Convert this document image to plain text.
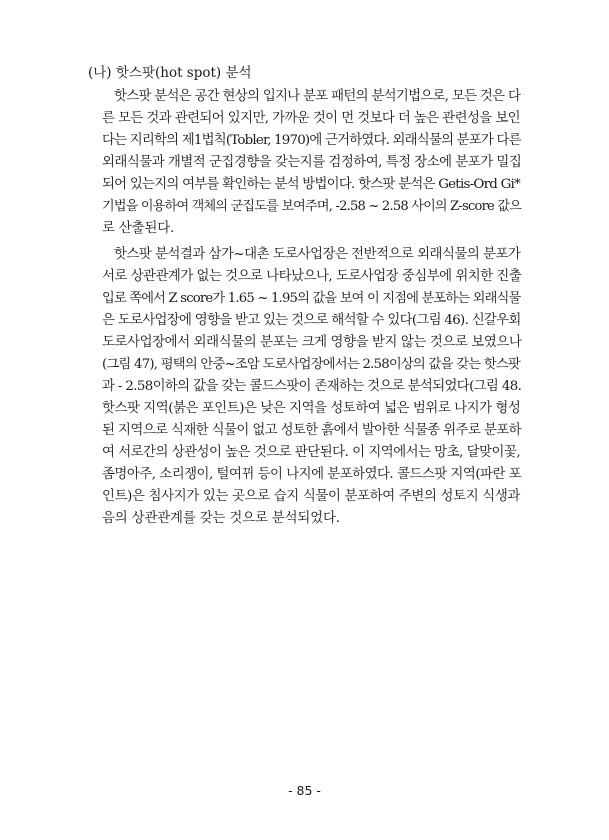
(나) 핫스팟(hot spot) 분석
핫스팟 분석은 공간 현상의 입지나 분포 패턴의 분석기법으로, 모든 것은 다
른 모든 것과 관련되어 있지만, 가까운 것이 먼 것보다 더 높은 관련성을 보인
다는 지리학의 제1법칙(Tobler, 1970)에 근거하였다. 외래식물의 분포가 다른
외래식물과 개별적 군집경향을 갖는지를 검정하여, 특정 장소에 분포가 밀집
되어 있는지의 여부를 확인하는 분석 방법이다. 핫스팟 분석은 Getis-Ord Gi*
기법을 이용하여 객체의 군집도를 보여주며, -2.58 ~ 2.58 사이의 Z-score 값으
로 산출된다.
핫스팟 분석결과 삼가~대촌 도로사업장은 전반적으로 외래식물의 분포가
서로 상관관계가 없는 것으로 나타났으나, 도로사업장 중심부에 위치한 진출
입로 쪽에서 Z score가 1.65 ~ 1.95의 값을 보여 이 지점에 분포하는 외래식물
은 도로사업장에 영향을 받고 있는 것으로 해석할 수 있다(그림 46). 신갈우회
도로사업장에서 외래식물의 분포는 크게 영향을 받지 않는 것으로 보였으나
(그림 47), 평택의 안중~조암 도로사업장에서는 2.58이상의 값을 갖는 핫스팟
과 - 2.58이하의 값을 갖는 콜드스팟이 존재하는 것으로 분석되었다(그림 48.
핫스팟 지역(붉은 포인트)은 낮은 지역을 성토하여 넓은 범위로 나지가 형성
된 지역으로 식재한 식물이 없고 성토한 흙에서 발아한 식물종 위주로 분포하
여 서로간의 상관성이 높은 것으로 판단된다. 이 지역에서는 망초, 달맞이꽃,
좀명아주, 소리쟁이, 털여뀌 등이 나지에 분포하였다. 콜드스팟 지역(파란 포
인트)은 침사지가 있는 곳으로 습지 식물이 분포하여 주변의 성토지 식생과
음의 상관관계를 갖는 것으로 분석되었다.
- 85 -
